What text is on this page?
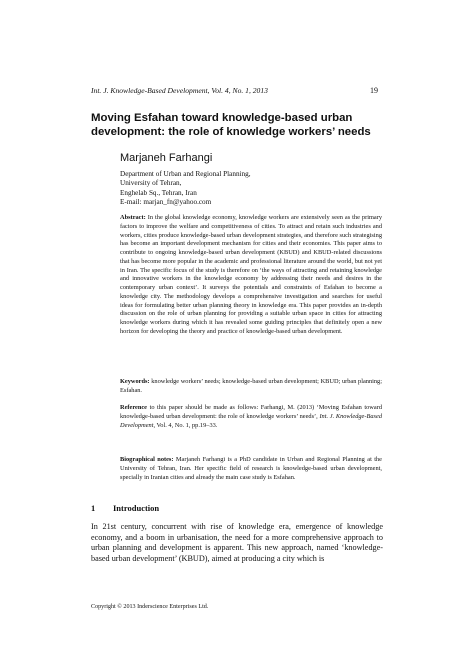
Int. J. Knowledge-Based Development, Vol. 4, No. 1, 2013	19
Moving Esfahan toward knowledge-based urban development: the role of knowledge workers’ needs
Marjaneh Farhangi
Department of Urban and Regional Planning,
University of Tehran,
Enghelab Sq., Tehran, Iran
E-mail: marjan_fn@yahoo.com
Abstract: In the global knowledge economy, knowledge workers are extensively seen as the primary factors to improve the welfare and competitiveness of cities. To attract and retain such industries and workers, cities produce knowledge-based urban development strategies, and therefore such strategising has become an important development mechanism for cities and their economies. This paper aims to contribute to ongoing knowledge-based urban development (KBUD) and KBUD-related discussions that has become more popular in the academic and professional literature around the world, but not yet in Iran. The specific focus of the study is therefore on ‘the ways of attracting and retaining knowledge and innovative workers in the knowledge economy by addressing their needs and desires in the contemporary urban context’. It surveys the potentials and constraints of Esfahan to become a knowledge city. The methodology develops a comprehensive investigation and searches for useful ideas for formulating better urban planning theory in knowledge era. This paper provides an in-depth discussion on the role of urban planning for providing a suitable urban space in cities for attracting knowledge workers during which it has revealed some guiding principles that definitely open a new horizon for developing the theory and practice of knowledge-based urban development.
Keywords: knowledge workers’ needs; knowledge-based urban development; KBUD; urban planning; Esfahan.
Reference to this paper should be made as follows: Farhangi, M. (2013) ‘Moving Esfahan toward knowledge-based urban development: the role of knowledge workers’ needs’, Int. J. Knowledge-Based Development, Vol. 4, No. 1, pp.19–33.
Biographical notes: Marjaneh Farhangi is a PhD candidate in Urban and Regional Planning at the University of Tehran, Iran. Her specific field of research is knowledge-based urban development, specially in Iranian cities and already the main case study is Esfahan.
1 Introduction
In 21st century, concurrent with rise of knowledge era, emergence of knowledge economy, and a boom in urbanisation, the need for a more comprehensive approach to urban planning and development is apparent. This new approach, named ‘knowledge-based urban development’ (KBUD), aimed at producing a city which is
Copyright © 2013 Inderscience Enterprises Ltd.
